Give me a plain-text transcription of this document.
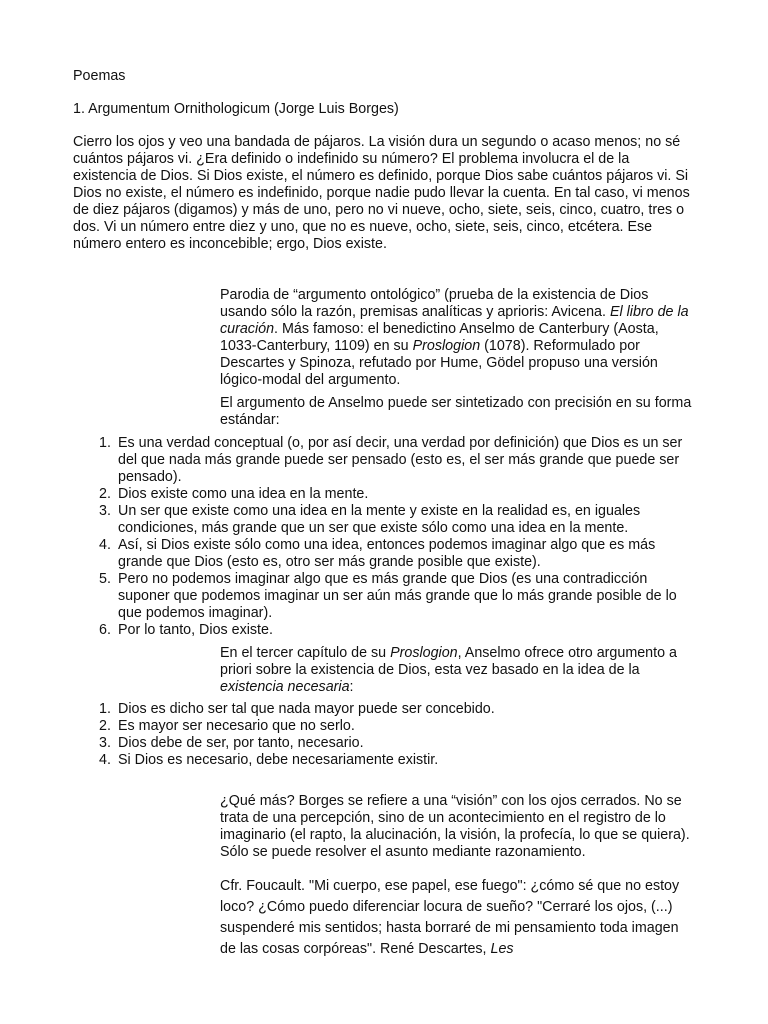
Poemas

1. Argumentum Ornithologicum (Jorge Luis Borges)

Cierro los ojos y veo una bandada de pájaros. La visión dura un segundo o acaso menos; no sé cuántos pájaros vi. ¿Era definido o indefinido su número? El problema involucra el de la existencia de Dios. Si Dios existe, el número es definido, porque Dios sabe cuántos pájaros vi. Si Dios no existe, el número es indefinido, porque nadie pudo llevar la cuenta. En tal caso, vi menos de diez pájaros (digamos) y más de uno, pero no vi nueve, ocho, siete, seis, cinco, cuatro, tres o dos. Vi un número entre diez y uno, que no es nueve, ocho, siete, seis, cinco, etcétera. Ese número entero es inconcebible; ergo, Dios existe.

Parodia de “argumento ontológico” (prueba de la existencia de Dios usando sólo la razón, premisas analíticas y aprioris: Avicena. El libro de la curación. Más famoso: el benedictino Anselmo de Canterbury (Aosta, 1033-Canterbury, 1109) en su Proslogion (1078). Reformulado por Descartes y Spinoza, refutado por Hume, Gödel propuso una versión lógico-modal del argumento.

El argumento de Anselmo puede ser sintetizado con precisión en su forma estándar:

1. Es una verdad conceptual (o, por así decir, una verdad por definición) que Dios es un ser del que nada más grande puede ser pensado (esto es, el ser más grande que puede ser pensado).
2. Dios existe como una idea en la mente.
3. Un ser que existe como una idea en la mente y existe en la realidad es, en iguales condiciones, más grande que un ser que existe sólo como una idea en la mente.
4. Así, si Dios existe sólo como una idea, entonces podemos imaginar algo que es más grande que Dios (esto es, otro ser más grande posible que existe).
5. Pero no podemos imaginar algo que es más grande que Dios (es una contradicción suponer que podemos imaginar un ser aún más grande que lo más grande posible de lo que podemos imaginar).
6. Por lo tanto, Dios existe.

En el tercer capítulo de su Proslogion, Anselmo ofrece otro argumento a priori sobre la existencia de Dios, esta vez basado en la idea de la existencia necesaria:

1. Dios es dicho ser tal que nada mayor puede ser concebido.
2. Es mayor ser necesario que no serlo.
3. Dios debe de ser, por tanto, necesario.
4. Si Dios es necesario, debe necesariamente existir.

¿Qué más? Borges se refiere a una “visión” con los ojos cerrados. No se trata de una percepción, sino de un acontecimiento en el registro de lo imaginario (el rapto, la alucinación, la visión, la profecía, lo que se quiera). Sólo se puede resolver el asunto mediante razonamiento.

Cfr. Foucault. "Mi cuerpo, ese papel, ese fuego": ¿cómo sé que no estoy loco? ¿Cómo puedo diferenciar locura de sueño? "Cerraré los ojos, (...) suspenderé mis sentidos; hasta borraré de mi pensamiento toda imagen de las cosas corpóreas". René Descartes, Les
